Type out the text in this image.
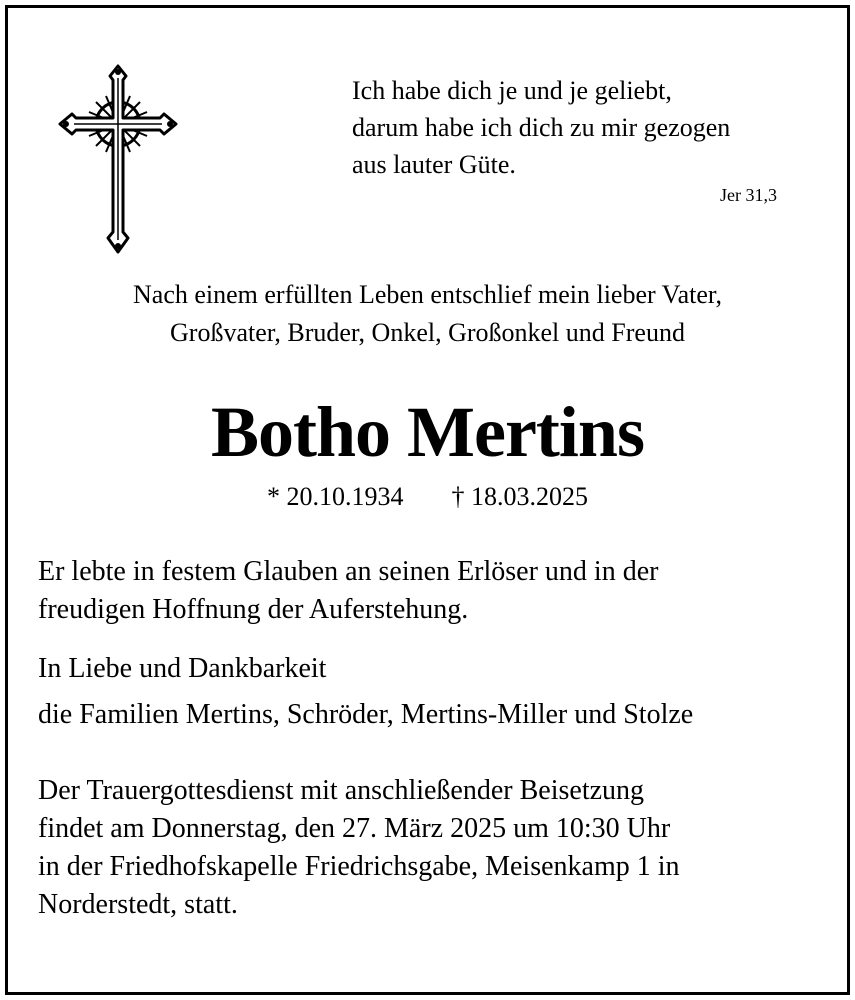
Ich habe dich je und je geliebt,
darum habe ich dich zu mir gezogen
aus lauter Güte.
Jer 31,3
Nach einem erfüllten Leben entschlief mein lieber Vater,
Großvater, Bruder, Onkel, Großonkel und Freund
Botho Mertins
* 20.10.1934 † 18.03.2025
Er lebte in festem Glauben an seinen Erlöser und in der
freudigen Hoffnung der Auferstehung.
In Liebe und Dankbarkeit
die Familien Mertins, Schröder, Mertins-Miller und Stolze
Der Trauergottesdienst mit anschließender Beisetzung
findet am Donnerstag, den 27. März 2025 um 10:30 Uhr
in der Friedhofskapelle Friedrichsgabe, Meisenkamp 1 in
Norderstedt, statt.
